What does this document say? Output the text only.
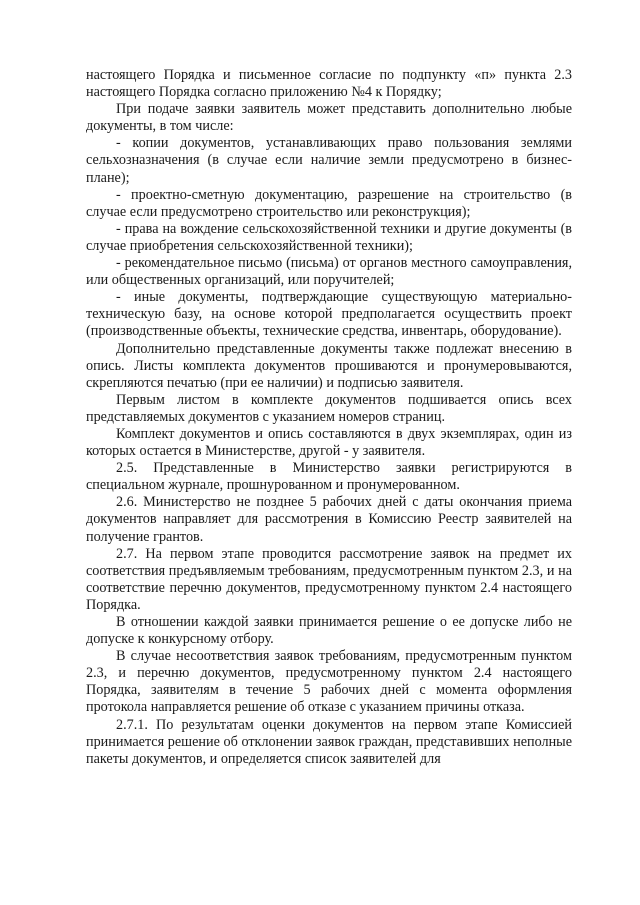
настоящего Порядка и письменное согласие по подпункту «п» пункта 2.3 настоящего Порядка согласно приложению №4 к Порядку;

При подаче заявки заявитель может представить дополнительно любые документы, в том числе:

- копии документов, устанавливающих право пользования землями сельхозназначения (в случае если наличие земли предусмотрено в бизнес-плане);

- проектно-сметную документацию, разрешение на строительство (в случае если предусмотрено строительство или реконструкция);

- права на вождение сельскохозяйственной техники и другие документы (в случае приобретения сельскохозяйственной техники);

- рекомендательное письмо (письма) от органов местного самоуправления, или общественных организаций, или поручителей;

- иные документы, подтверждающие существующую материально-техническую базу, на основе которой предполагается осуществить проект (производственные объекты, технические средства, инвентарь, оборудование).

Дополнительно представленные документы также подлежат внесению в опись. Листы комплекта документов прошиваются и пронумеровываются, скрепляются печатью (при ее наличии) и подписью заявителя.

Первым листом в комплекте документов подшивается опись всех представляемых документов с указанием номеров страниц.

Комплект документов и опись составляются в двух экземплярах, один из которых остается в Министерстве, другой - у заявителя.

2.5. Представленные в Министерство заявки регистрируются в специальном журнале, прошнурованном и пронумерованном.

2.6. Министерство не позднее 5 рабочих дней с даты окончания приема документов направляет для рассмотрения в Комиссию Реестр заявителей на получение грантов.

2.7. На первом этапе проводится рассмотрение заявок на предмет их соответствия предъявляемым требованиям, предусмотренным пунктом 2.3, и на соответствие перечню документов, предусмотренному пунктом 2.4 настоящего Порядка.

В отношении каждой заявки принимается решение о ее допуске либо не допуске к конкурсному отбору.

В случае несоответствия заявок требованиям, предусмотренным пунктом 2.3, и перечню документов, предусмотренному пунктом 2.4 настоящего Порядка, заявителям в течение 5 рабочих дней с момента оформления протокола направляется решение об отказе с указанием причины отказа.

2.7.1. По результатам оценки документов на первом этапе Комиссией принимается решение об отклонении заявок граждан, представивших неполные пакеты документов, и определяется список заявителей для
